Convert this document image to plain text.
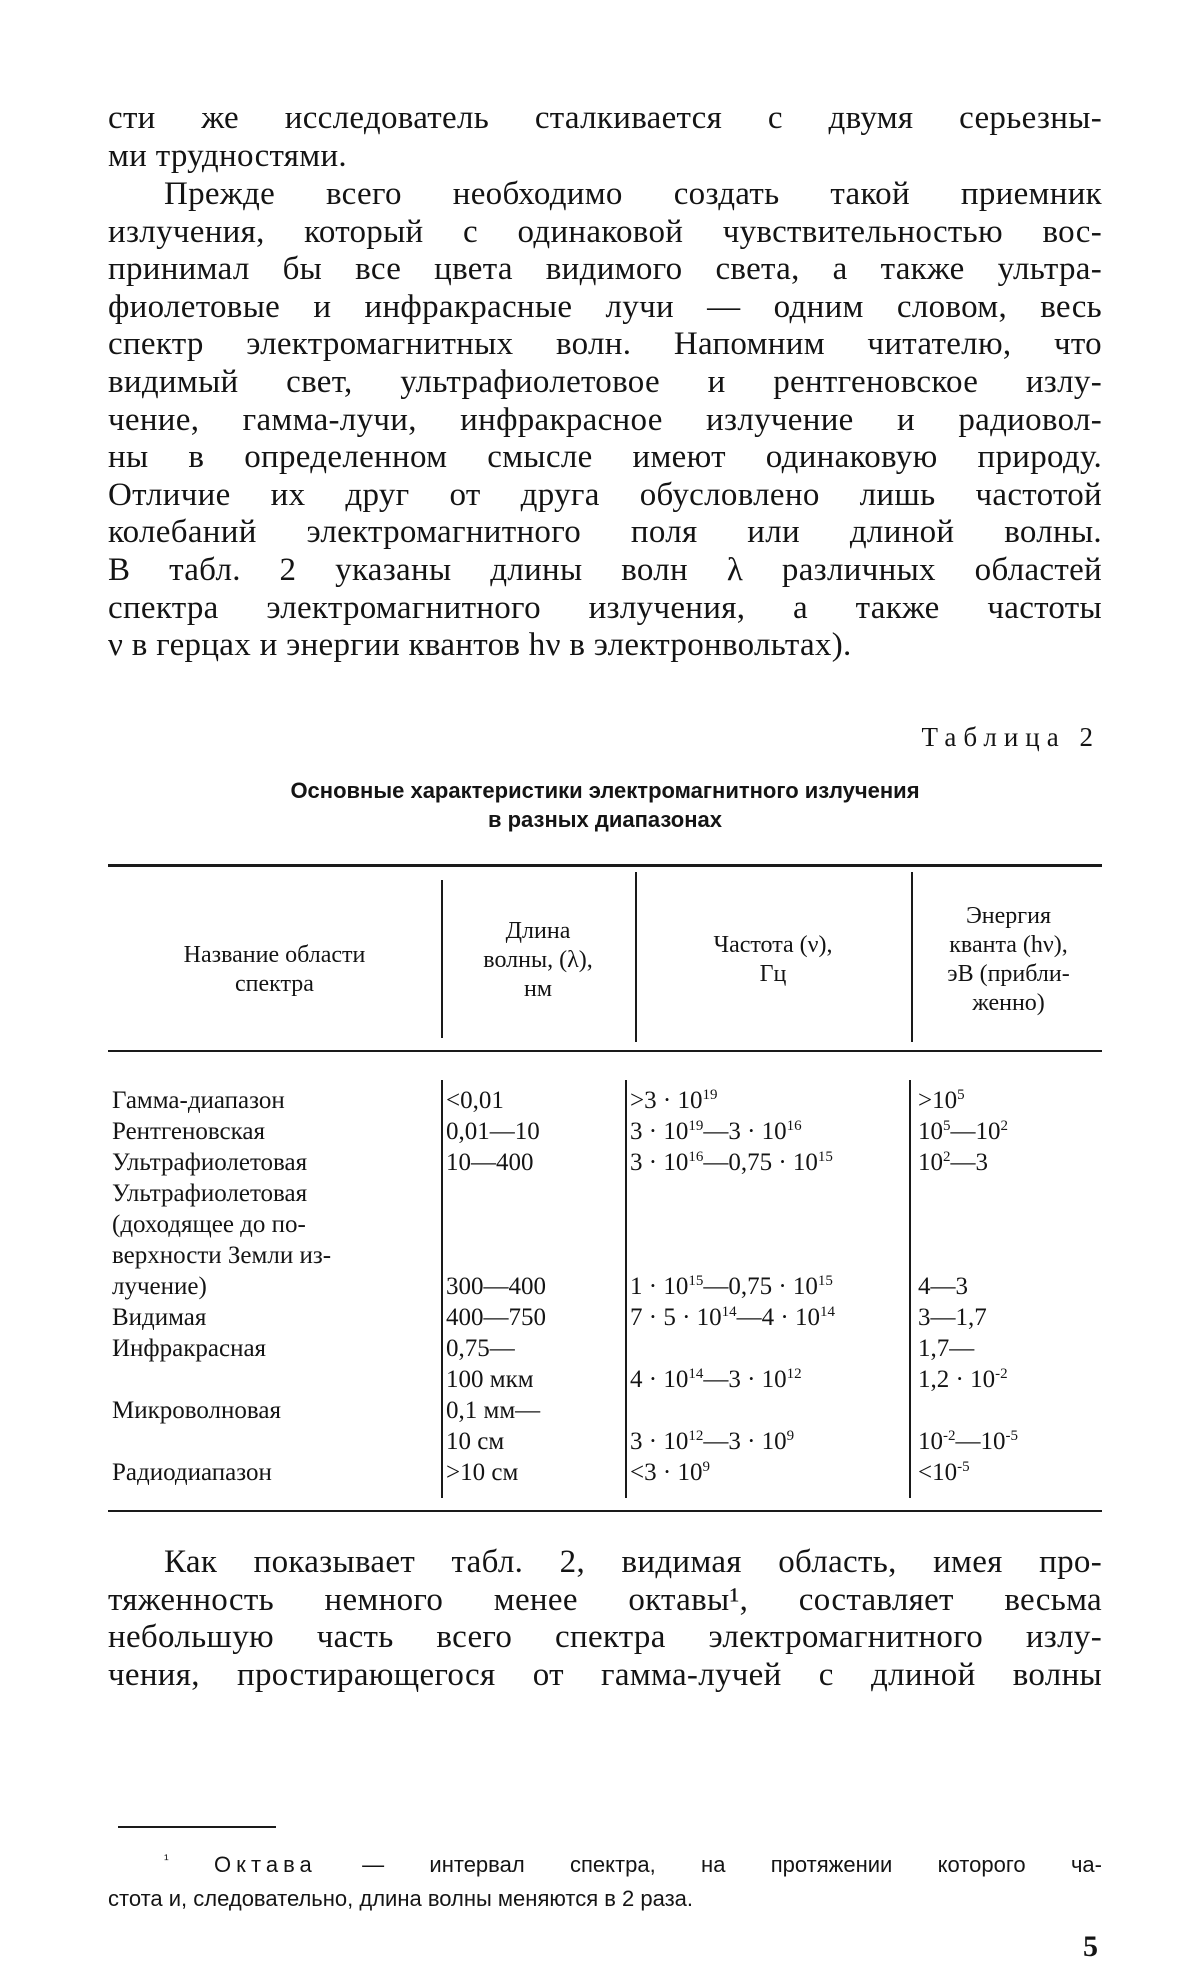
сти же исследователь сталкивается с двумя серьезны-
ми трудностями.
Прежде всего необходимо создать такой приемник
излучения, который с одинаковой чувствительностью вос-
принимал бы все цвета видимого света, а также ультра-
фиолетовые и инфракрасные лучи — одним словом, весь
спектр электромагнитных волн. Напомним читателю, что
видимый свет, ультрафиолетовое и рентгеновское излу-
чение, гамма-лучи, инфракрасное излучение и радиовол-
ны в определенном смысле имеют одинаковую природу.
Отличие их друг от друга обусловлено лишь частотой
колебаний электромагнитного поля или длиной волны.
В табл. 2 указаны длины волн λ различных областей
спектра электромагнитного излучения, а также частоты
ν в герцах и энергии квантов hν в электронвольтах).
Таблица 2
Основные характеристики электромагнитного излучения
в разных диапазонах
Название области спектра
Длина волны, (λ), нм
Частота (ν), Гц
Энергия кванта (hν), эВ (прибли-женно)
Гамма-диапазон
Рентгеновская
Ультрафиолетовая
Ультрафиолетовая
(доходящее до по-
верхности Земли из-
лучение)
Видимая
Инфракрасная
Микроволновая
Радиодиапазон
<0,01
0,01—10
10—400
300—400
400—750
0,75—
100 мкм
0,1 мм—
10 см
>10 см
$>3 \cdot 10^{19}$
$3 \cdot 10^{19}—3 \cdot 10^{16}$
$3 \cdot 10^{16}—0,75 \cdot 10^{15}$
$1 \cdot 10^{15}—0,75 \cdot 10^{15}$
$7 \cdot 5 \cdot 10^{14}—4 \cdot 10^{14}$
$4 \cdot 10^{14}—3 \cdot 10^{12}$
$3 \cdot 10^{12}—3 \cdot 10^9$
$<3 \cdot 10^9$
$>10^5$
$10^5—10^2$
$10^2—3$
4—3
3—1,7
1,7—
$1,2 \cdot 10^{-2}$
$10^{-2}—10^{-5}$
$<10^{-5}$
Как показывает табл. 2, видимая область, имея про-
тяженность немного менее октавы¹, составляет весьма
небольшую часть всего спектра электромагнитного излу-
чения, простирающегося от гамма-лучей с длиной волны
$^{^1}$ Октава — интервал спектра, на протяжении которого ча-
стота и, следовательно, длина волны меняются в 2 раза.
5
